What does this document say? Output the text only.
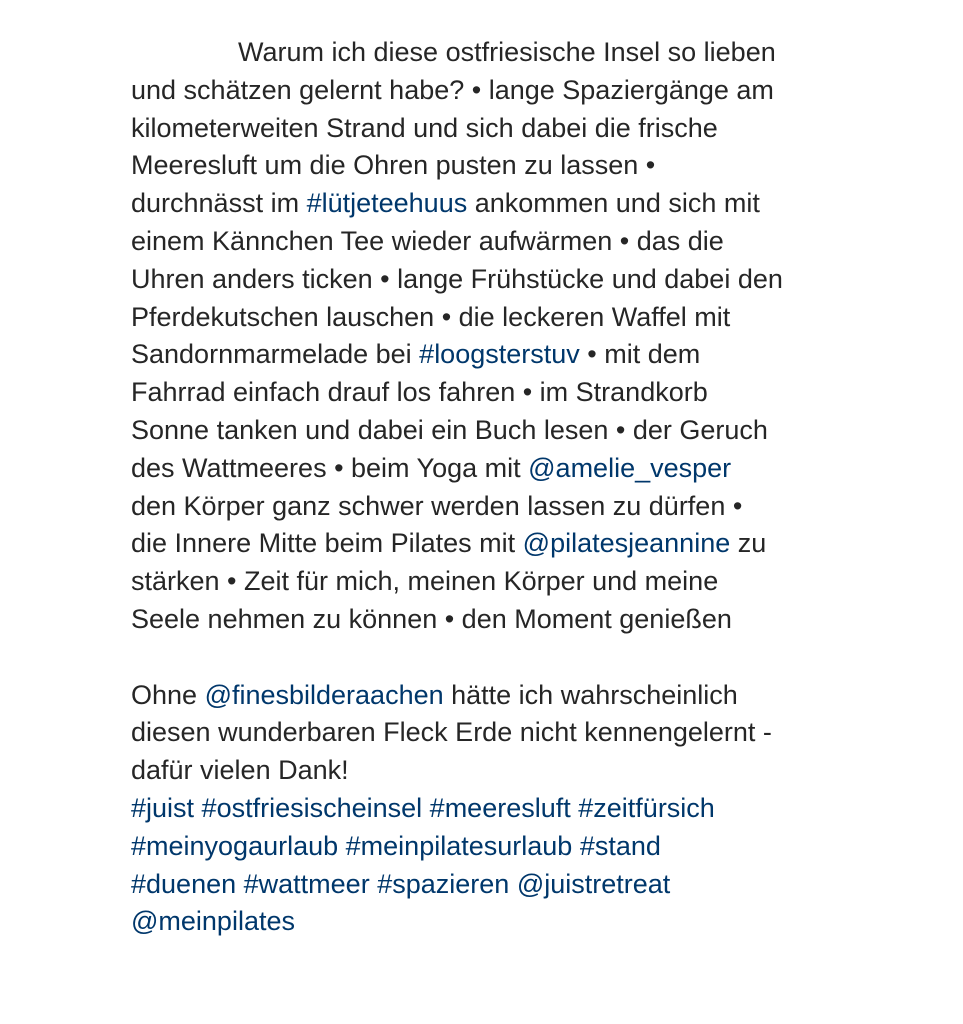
Warum ich diese ostfriesische Insel so lieben
und schätzen gelernt habe? • lange Spaziergänge am
kilometerweiten Strand und sich dabei die frische
Meeresluft um die Ohren pusten zu lassen •
durchnässt im #lütjeteehuus ankommen und sich mit
einem Kännchen Tee wieder aufwärmen • das die
Uhren anders ticken • lange Frühstücke und dabei den
Pferdekutschen lauschen • die leckeren Waffel mit
Sandornmarmelade bei #loogsterstuv • mit dem
Fahrrad einfach drauf los fahren • im Strandkorb
Sonne tanken und dabei ein Buch lesen • der Geruch
des Wattmeeres • beim Yoga mit @amelie_vesper
den Körper ganz schwer werden lassen zu dürfen •
die Innere Mitte beim Pilates mit @pilatesjeannine zu
stärken • Zeit für mich, meinen Körper und meine
Seele nehmen zu können • den Moment genießen
Ohne @finesbilderaachen hätte ich wahrscheinlich
diesen wunderbaren Fleck Erde nicht kennengelernt -
dafür vielen Dank!
#juist #ostfriesischeinsel #meeresluft #zeitfürsich
#meinyogaurlaub #meinpilatesurlaub #stand
#duenen #wattmeer #spazieren @juistretreat
@meinpilates
